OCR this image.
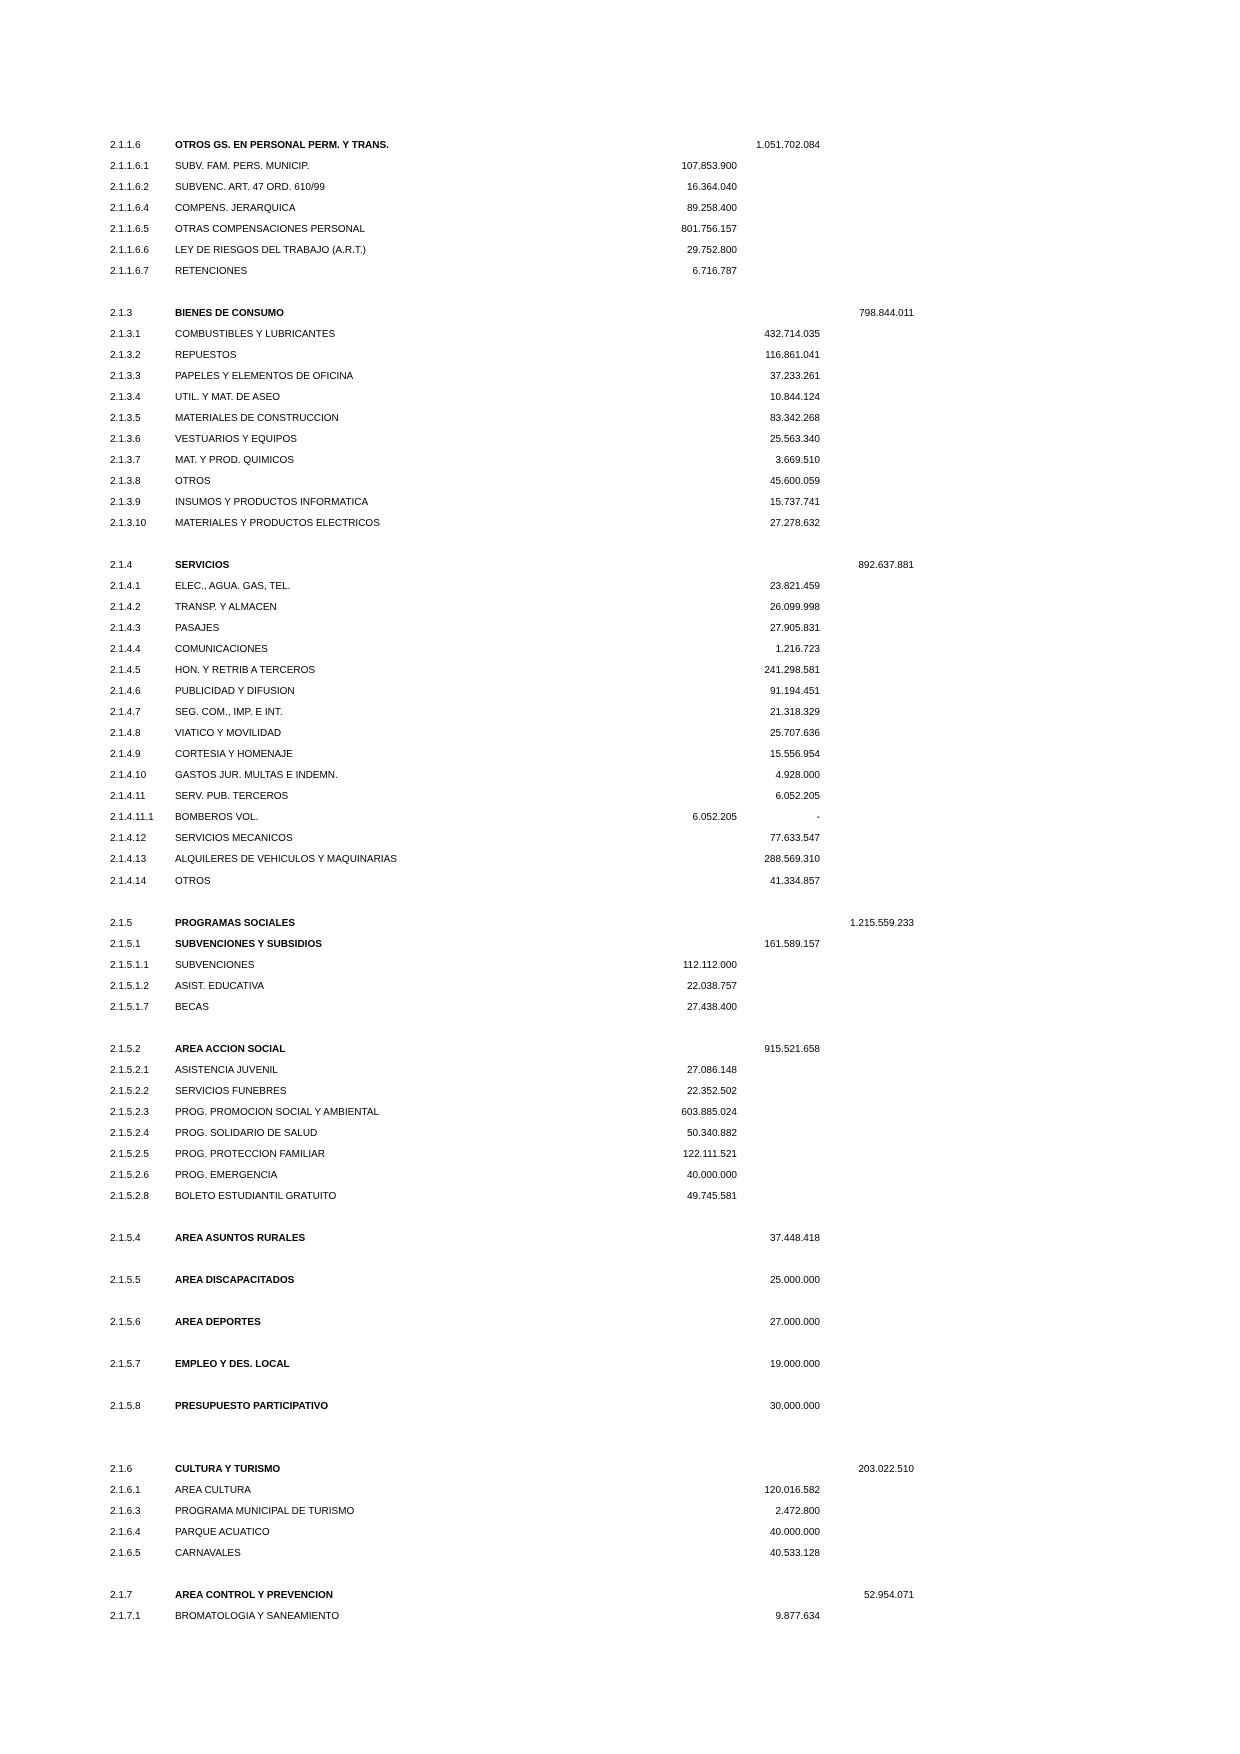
2.1.1.6	OTROS GS. EN PERSONAL PERM. Y TRANS.	1.051.702.084
2.1.1.6.1	SUBV. FAM. PERS. MUNICIP.	107.853.900
2.1.1.6.2	SUBVENC. ART. 47 ORD. 610/99	16.364.040
2.1.1.6.4	COMPENS. JERARQUICA	89.258.400
2.1.1.6.5	OTRAS COMPENSACIONES PERSONAL	801.756.157
2.1.1.6.6	LEY DE RIESGOS DEL TRABAJO (A.R.T.)	29.752.800
2.1.1.6.7	RETENCIONES	6.716.787
2.1.3	BIENES DE CONSUMO	798.844.011
2.1.3.1	COMBUSTIBLES Y LUBRICANTES	432.714.035
2.1.3.2	REPUESTOS	116.861.041
2.1.3.3	PAPELES Y ELEMENTOS DE OFICINA	37.233.261
2.1.3.4	UTIL. Y MAT. DE ASEO	10.844.124
2.1.3.5	MATERIALES DE CONSTRUCCION	83.342.268
2.1.3.6	VESTUARIOS Y EQUIPOS	25.563.340
2.1.3.7	MAT. Y PROD. QUIMICOS	3.669.510
2.1.3.8	OTROS	45.600.059
2.1.3.9	INSUMOS Y PRODUCTOS INFORMATICA	15.737.741
2.1.3.10	MATERIALES Y PRODUCTOS ELECTRICOS	27.278.632
2.1.4	SERVICIOS	892.637.881
2.1.4.1	ELEC., AGUA. GAS, TEL.	23.821.459
2.1.4.2	TRANSP. Y ALMACEN	26.099.998
2.1.4.3	PASAJES	27.905.831
2.1.4.4	COMUNICACIONES	1.216.723
2.1.4.5	HON. Y RETRIB A TERCEROS	241.298.581
2.1.4.6	PUBLICIDAD Y DIFUSION	91.194.451
2.1.4.7	SEG. COM., IMP. E INT.	21.318.329
2.1.4.8	VIATICO Y MOVILIDAD	25.707.636
2.1.4.9	CORTESIA Y HOMENAJE	15.556.954
2.1.4.10	GASTOS JUR. MULTAS E INDEMN.	4.928.000
2.1.4.11	SERV. PUB. TERCEROS	6.052.205
2.1.4.11.1 BOMBEROS VOL.	6.052.205	-
2.1.4.12	SERVICIOS MECANICOS	77.633.547
2.1.4.13	ALQUILERES DE VEHICULOS Y MAQUINARIAS	288.569.310
2.1.4.14	OTROS	41.334.857
2.1.5	PROGRAMAS SOCIALES	1.215.559.233
2.1.5.1	SUBVENCIONES Y SUBSIDIOS	161.589.157
2.1.5.1.1	SUBVENCIONES	112.112.000
2.1.5.1.2	ASIST. EDUCATIVA	22.038.757
2.1.5.1.7	BECAS	27.438.400
2.1.5.2	AREA ACCION SOCIAL	915.521.658
2.1.5.2.1	ASISTENCIA JUVENIL	27.086.148
2.1.5.2.2	SERVICIOS FUNEBRES	22.352.502
2.1.5.2.3	PROG. PROMOCION SOCIAL Y AMBIENTAL	603.885.024
2.1.5.2.4	PROG. SOLIDARIO DE SALUD	50.340.882
2.1.5.2.5	PROG. PROTECCION FAMILIAR	122.111.521
2.1.5.2.6	PROG. EMERGENCIA	40.000.000
2.1.5.2.8	BOLETO ESTUDIANTIL GRATUITO	49.745.581
2.1.5.4	AREA ASUNTOS RURALES	37.448.418
2.1.5.5	AREA DISCAPACITADOS	25.000.000
2.1.5.6	AREA DEPORTES	27.000.000
2.1.5.7	EMPLEO Y DES. LOCAL	19.000.000
2.1.5.8	PRESUPUESTO PARTICIPATIVO	30.000.000
2.1.6	CULTURA Y TURISMO	203.022.510
2.1.6.1	AREA CULTURA	120.016.582
2.1.6.3	PROGRAMA MUNICIPAL DE TURISMO	2.472.800
2.1.6.4	PARQUE ACUATICO	40.000.000
2.1.6.5	CARNAVALES	40.533.128
2.1.7	AREA CONTROL Y PREVENCION	52.954.071
2.1.7.1	BROMATOLOGIA Y SANEAMIENTO	9.877.634
